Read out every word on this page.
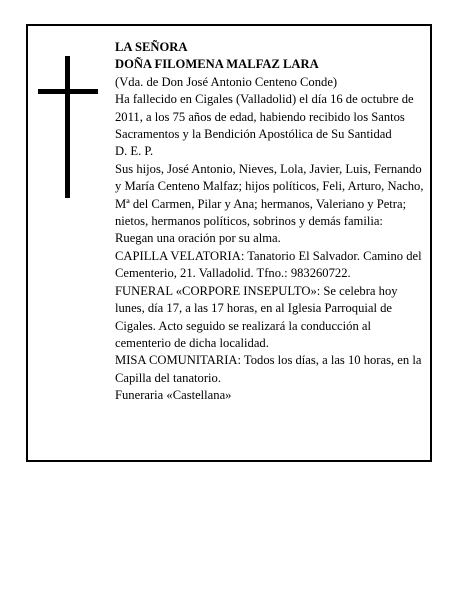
LA SEÑORA

DOÑA FILOMENA MALFAZ LARA

(Vda. de Don José Antonio Centeno Conde)

Ha fallecido en Cigales (Valladolid) el día 16 de octubre de 2011, a los 75 años de edad, habiendo recibido los Santos Sacramentos y la Bendición Apostólica de Su Santidad

D. E. P.

Sus hijos, José Antonio, Nieves, Lola, Javier, Luis, Fernando y María Centeno Malfaz; hijos políticos, Feli, Arturo, Nacho, Mª del Carmen, Pilar y Ana; hermanos, Valeriano y Petra; nietos, hermanos políticos, sobrinos y demás familia:

Ruegan una oración por su alma.

CAPILLA VELATORIA: Tanatorio El Salvador. Camino del Cementerio, 21. Valladolid. Tfno.: 983260722.

FUNERAL «CORPORE INSEPULTO»: Se celebra hoy lunes, día 17, a las 17 horas, en al Iglesia Parroquial de Cigales. Acto seguido se realizará la conducción al cementerio de dicha localidad.

MISA COMUNITARIA: Todos los días, a las 10 horas, en la Capilla del tanatorio.

Funeraria «Castellana»
